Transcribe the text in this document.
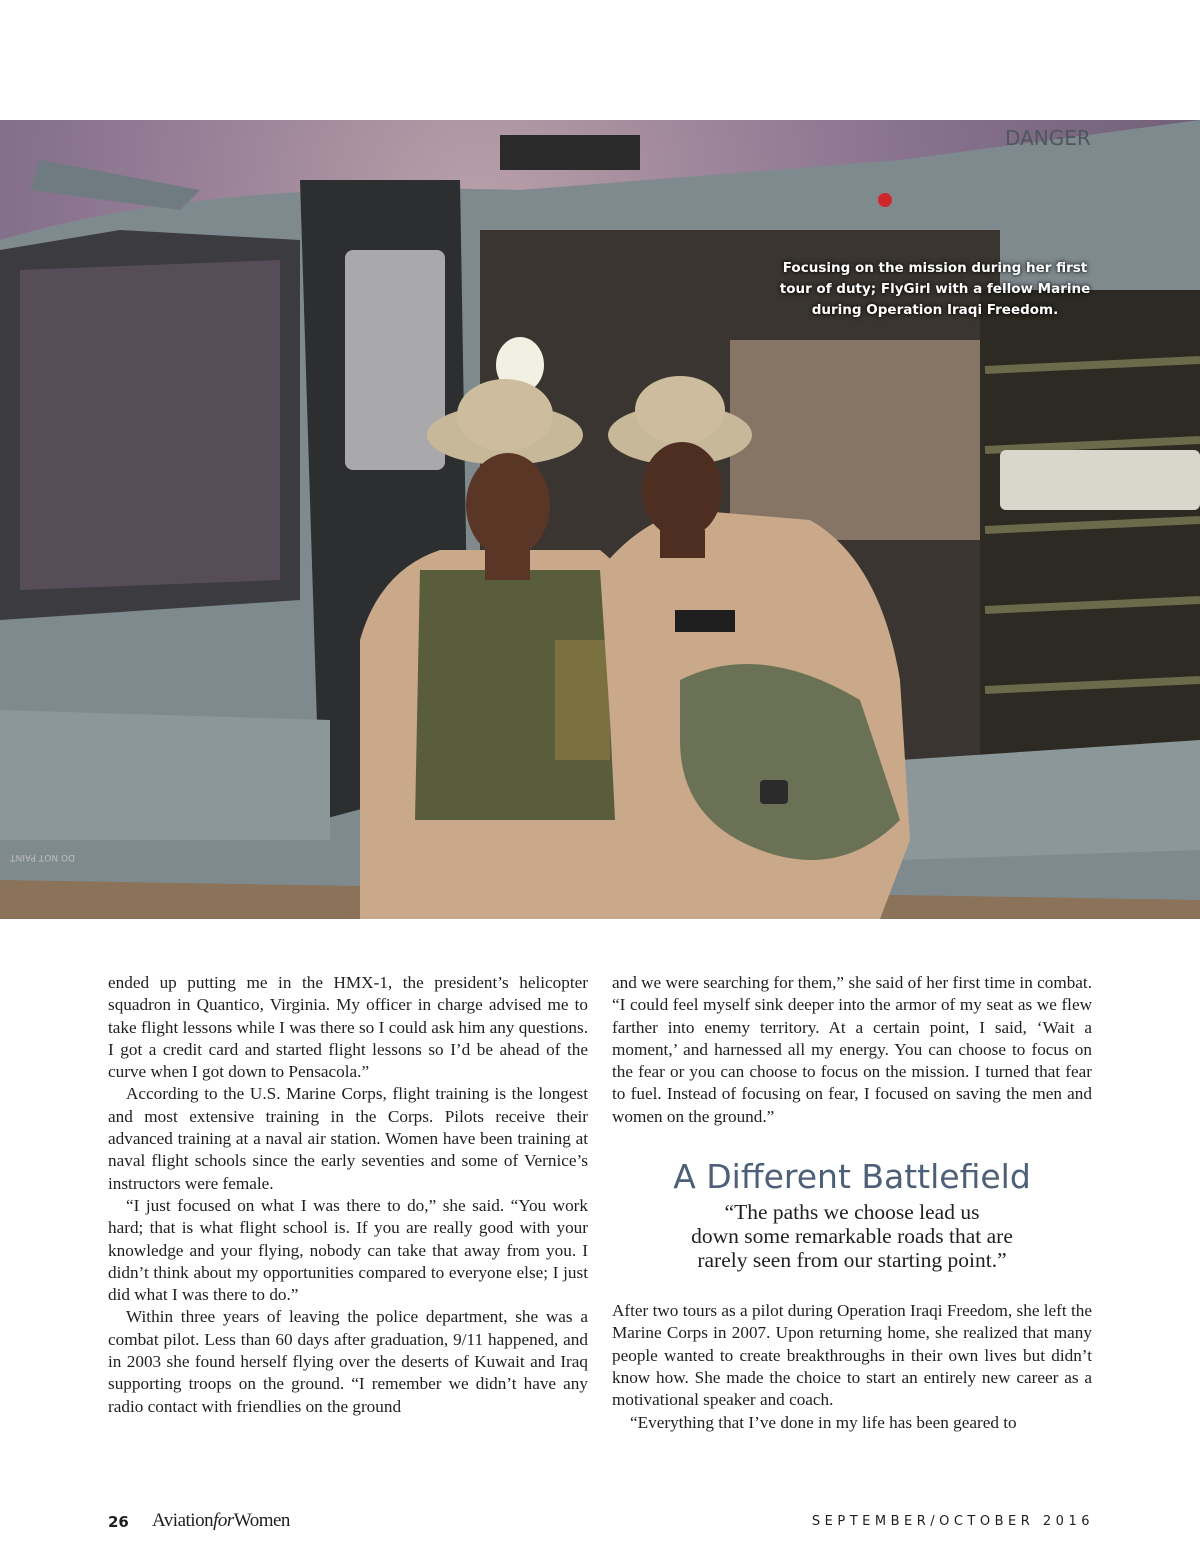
DANGER
DO NOT PAINT
Focusing on the mission during her first tour of duty; FlyGirl with a fellow Marine during Operation Iraqi Freedom.

ended up putting me in the HMX-1, the president’s helicopter squadron in Quantico, Virginia. My officer in charge advised me to take flight lessons while I was there so I could ask him any questions. I got a credit card and started flight lessons so I’d be ahead of the curve when I got down to Pensacola.”

According to the U.S. Marine Corps, flight training is the longest and most extensive training in the Corps. Pilots receive their advanced training at a naval air station. Women have been training at naval flight schools since the early seventies and some of Vernice’s instructors were female.

“I just focused on what I was there to do,” she said. “You work hard; that is what flight school is. If you are really good with your knowledge and your flying, nobody can take that away from you. I didn’t think about my opportunities compared to everyone else; I just did what I was there to do.”

Within three years of leaving the police department, she was a combat pilot. Less than 60 days after graduation, 9/11 happened, and in 2003 she found herself flying over the deserts of Kuwait and Iraq supporting troops on the ground. “I remember we didn’t have any radio contact with friendlies on the ground

and we were searching for them,” she said of her first time in combat. “I could feel myself sink deeper into the armor of my seat as we flew farther into enemy territory. At a certain point, I said, ‘Wait a moment,’ and harnessed all my energy. You can choose to focus on the fear or you can choose to focus on the mission. I turned that fear to fuel. Instead of focusing on fear, I focused on saving the men and women on the ground.”

A Different Battlefield
“The paths we choose lead us
down some remarkable roads that are
rarely seen from our starting point.”

After two tours as a pilot during Operation Iraqi Freedom, she left the Marine Corps in 2007. Upon returning home, she realized that many people wanted to create breakthroughs in their own lives but didn’t know how. She made the choice to start an entirely new career as a motivational speaker and coach.

“Everything that I’ve done in my life has been geared to

26 AviationforWomen	SEPTEMBER/OCTOBER 2016
